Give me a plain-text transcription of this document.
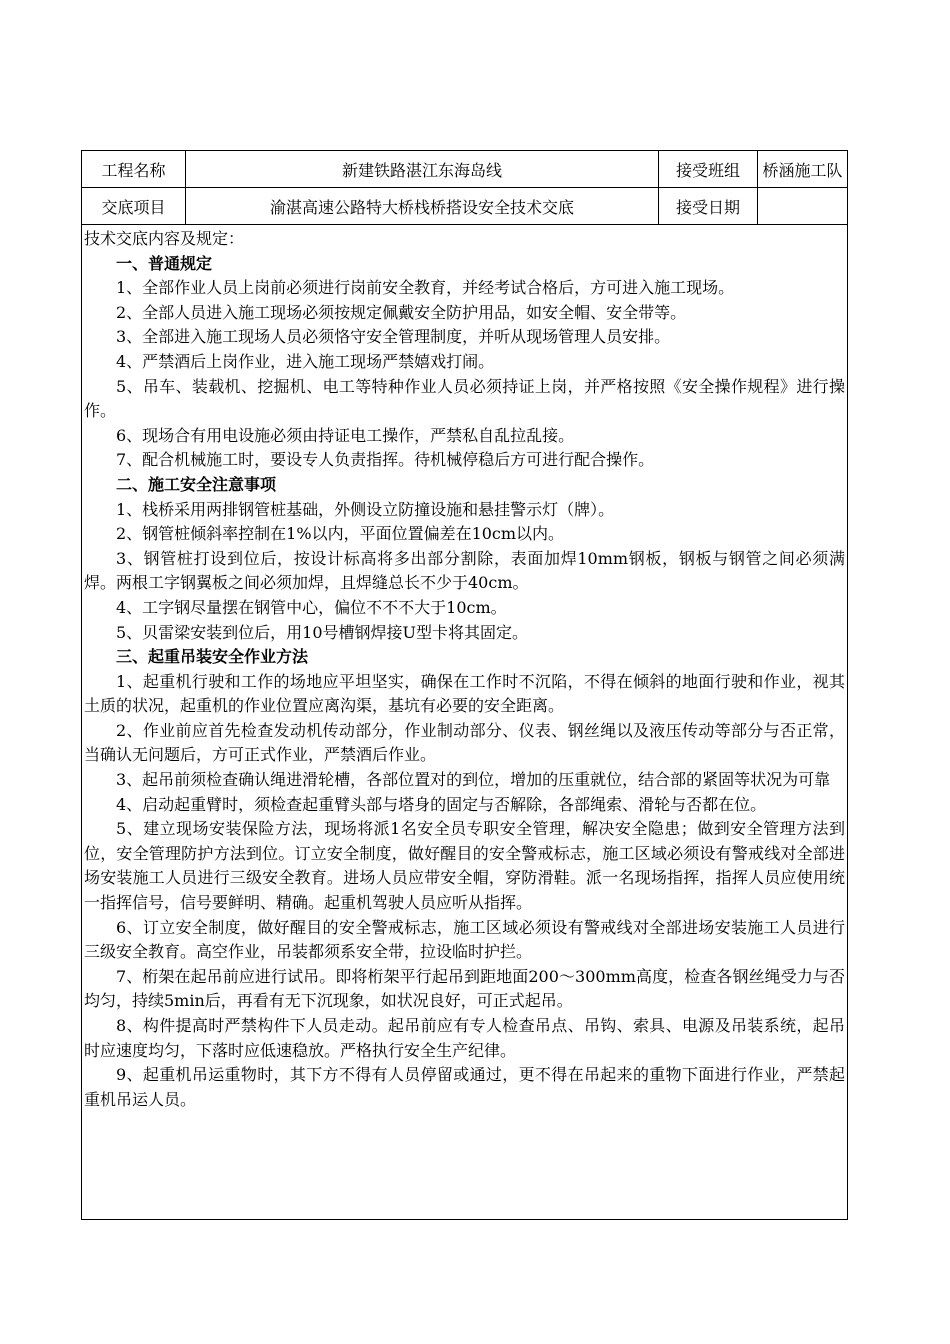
工程名称	新建铁路湛江东海岛线	接受班组	桥涵施工队
交底项目	渝湛高速公路特大桥栈桥搭设安全技术交底	接受日期

技术交底内容及规定：

一、普通规定

1、全部作业人员上岗前必须进行岗前安全教育，并经考试合格后，方可进入施工现场。

2、全部人员进入施工现场必须按规定佩戴安全防护用品，如安全帽、安全带等。

3、全部进入施工现场人员必须恪守安全管理制度，并听从现场管理人员安排。

4、严禁酒后上岗作业，进入施工现场严禁嬉戏打闹。

5、吊车、装载机、挖掘机、电工等特种作业人员必须持证上岗，并严格按照《安全操作规程》进行操作。

6、现场合有用电设施必须由持证电工操作，严禁私自乱拉乱接。

7、配合机械施工时，要设专人负责指挥。待机械停稳后方可进行配合操作。

二、施工安全注意事项

1、栈桥采用两排钢管桩基础，外侧设立防撞设施和悬挂警示灯（牌）。

2、钢管桩倾斜率控制在1%以内，平面位置偏差在10cm以内。

3、钢管桩打设到位后，按设计标高将多出部分割除，表面加焊10mm钢板，钢板与钢管之间必须满焊。两根工字钢翼板之间必须加焊，且焊缝总长不少于40cm。

4、工字钢尽量摆在钢管中心，偏位不不不大于10cm。

5、贝雷梁安装到位后，用10号槽钢焊接U型卡将其固定。

三、起重吊装安全作业方法

1、起重机行驶和工作的场地应平坦坚实，确保在工作时不沉陷，不得在倾斜的地面行驶和作业，视其土质的状况，起重机的作业位置应离沟渠，基坑有必要的安全距离。

2、作业前应首先检查发动机传动部分，作业制动部分、仪表、钢丝绳以及液压传动等部分与否正常，当确认无问题后，方可正式作业，严禁酒后作业。

3、起吊前须检查确认绳进滑轮槽，各部位置对的到位，增加的压重就位，结合部的紧固等状况为可靠

4、启动起重臂时，须检查起重臂头部与塔身的固定与否解除，各部绳索、滑轮与否都在位。

5、建立现场安装保险方法，现场将派1名安全员专职安全管理，解决安全隐患；做到安全管理方法到位，安全管理防护方法到位。订立安全制度，做好醒目的安全警戒标志，施工区域必须设有警戒线对全部进场安装施工人员进行三级安全教育。进场人员应带安全帽，穿防滑鞋。派一名现场指挥，指挥人员应使用统一指挥信号，信号要鲜明、精确。起重机驾驶人员应听从指挥。

6、订立安全制度，做好醒目的安全警戒标志，施工区域必须设有警戒线对全部进场安装施工人员进行三级安全教育。高空作业，吊装都须系安全带，拉设临时护拦。

7、桁架在起吊前应进行试吊。即将桁架平行起吊到距地面200～300mm高度，检查各钢丝绳受力与否均匀，持续5min后，再看有无下沉现象，如状况良好，可正式起吊。

8、构件提高时严禁构件下人员走动。起吊前应有专人检查吊点、吊钩、索具、电源及吊装系统，起吊时应速度均匀，下落时应低速稳放。严格执行安全生产纪律。

9、起重机吊运重物时，其下方不得有人员停留或通过，更不得在吊起来的重物下面进行作业，严禁起重机吊运人员。
